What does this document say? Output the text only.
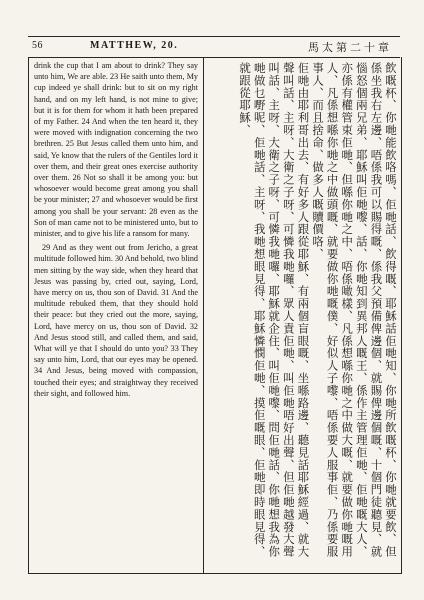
56	MATTHEW, 20.	馬太第二十章

drink the cup that I am about to drink? They say unto him, We are able. 23 He saith unto them, My cup indeed ye shall drink: but to sit on my right hand, and on my left hand, is not mine to give; but it is for them for whom it hath been prepared of my Father. 24 And when the ten heard it, they were moved with indignation concerning the two brethren. 25 But Jesus called them unto him, and said, Ye know that the rulers of the Gentiles lord it over them, and their great ones exercise authority over them. 26 Not so shall it be among you: but whosoever would become great among you shall be your minister; 27 and whosoever would be first among you shall be your servant: 28 even as the Son of man came not to be ministered unto, but to minister, and to give his life a ransom for many.

29 And as they went out from Jericho, a great multitude followed him. 30 And behold, two blind men sitting by the way side, when they heard that Jesus was passing by, cried out, saying, Lord, have mercy on us, thou son of David. 31 And the multitude rebuked them, that they should hold their peace: but they cried out the more, saying, Lord, have mercy on us, thou son of David. 32 And Jesus stood still, and called them, and said, What will ye that I should do unto you? 33 They say unto him, Lord, that our eyes may be opened. 34 And Jesus, being moved with compassion, touched their eyes; and straightway they received their sight, and followed him.	飲嘅杯、你哋能飲咯嗎、佢哋話、飲得嘅、耶穌話佢哋知、你哋所飲嘅杯、你哋就要飲、但係坐我右左邊、唔係我可以賜得嘅、係我父預備俾邊個、就賜俾邊個嘅、十個門徒聽見、就惱怒個兩兄弟、耶穌叫佢哋嚟、話、你哋知到異邦人嘅王、係作主管理佢哋、佢哋嘅大人、亦係有權管束佢哋、但喺你哋之中、唔係噉樣、凡係想喺你哋之中做大嘅、就要做你哋嘅用人、凡係想喺你哋之中做頭嘅、就要做你哋嘅僕、好似人子嚟、唔係要人服事佢、乃係要服事人、而且捨命、做多人嘅贖價咯、

佢哋由耶利哥出去、有好多人跟從耶穌、有兩個盲眼嘅、坐喺路邊、聽見話耶穌經過、就大聲叫話、主呀、大衛之子呀、可憐我哋囉、眾人責佢哋、叫佢哋唔好出聲、但佢哋越發大聲叫話、主呀、大衛之子呀、可憐我哋囉、耶穌就企住、叫佢哋嚟、問佢哋話、你哋想我為你哋做乜嘢呢、佢哋話、主呀、我哋想眼見得、耶穌憐憫佢哋、摸佢嘅眼、佢哋即時眼見得、就跟從耶穌、
